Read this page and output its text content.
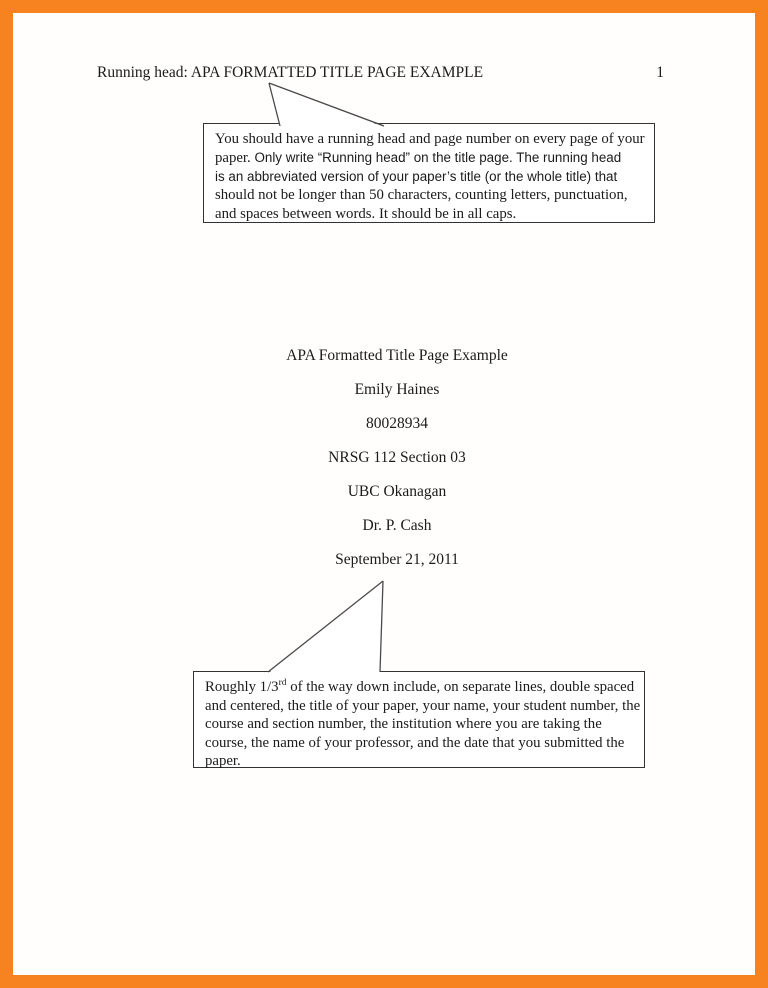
Running head: APA FORMATTED TITLE PAGE EXAMPLE	1
You should have a running head and page number on every page of your
paper. Only write “Running head” on the title page. The running head
is an abbreviated version of your paper’s title (or the whole title) that
should not be longer than 50 characters, counting letters, punctuation,
and spaces between words. It should be in all caps.
APA Formatted Title Page Example
Emily Haines
80028934
NRSG 112 Section 03
UBC Okanagan
Dr. P. Cash
September 21, 2011
Roughly 1/3rd of the way down include, on separate lines, double spaced
and centered, the title of your paper, your name, your student number, the
course and section number, the institution where you are taking the
course, the name of your professor, and the date that you submitted the
paper.
